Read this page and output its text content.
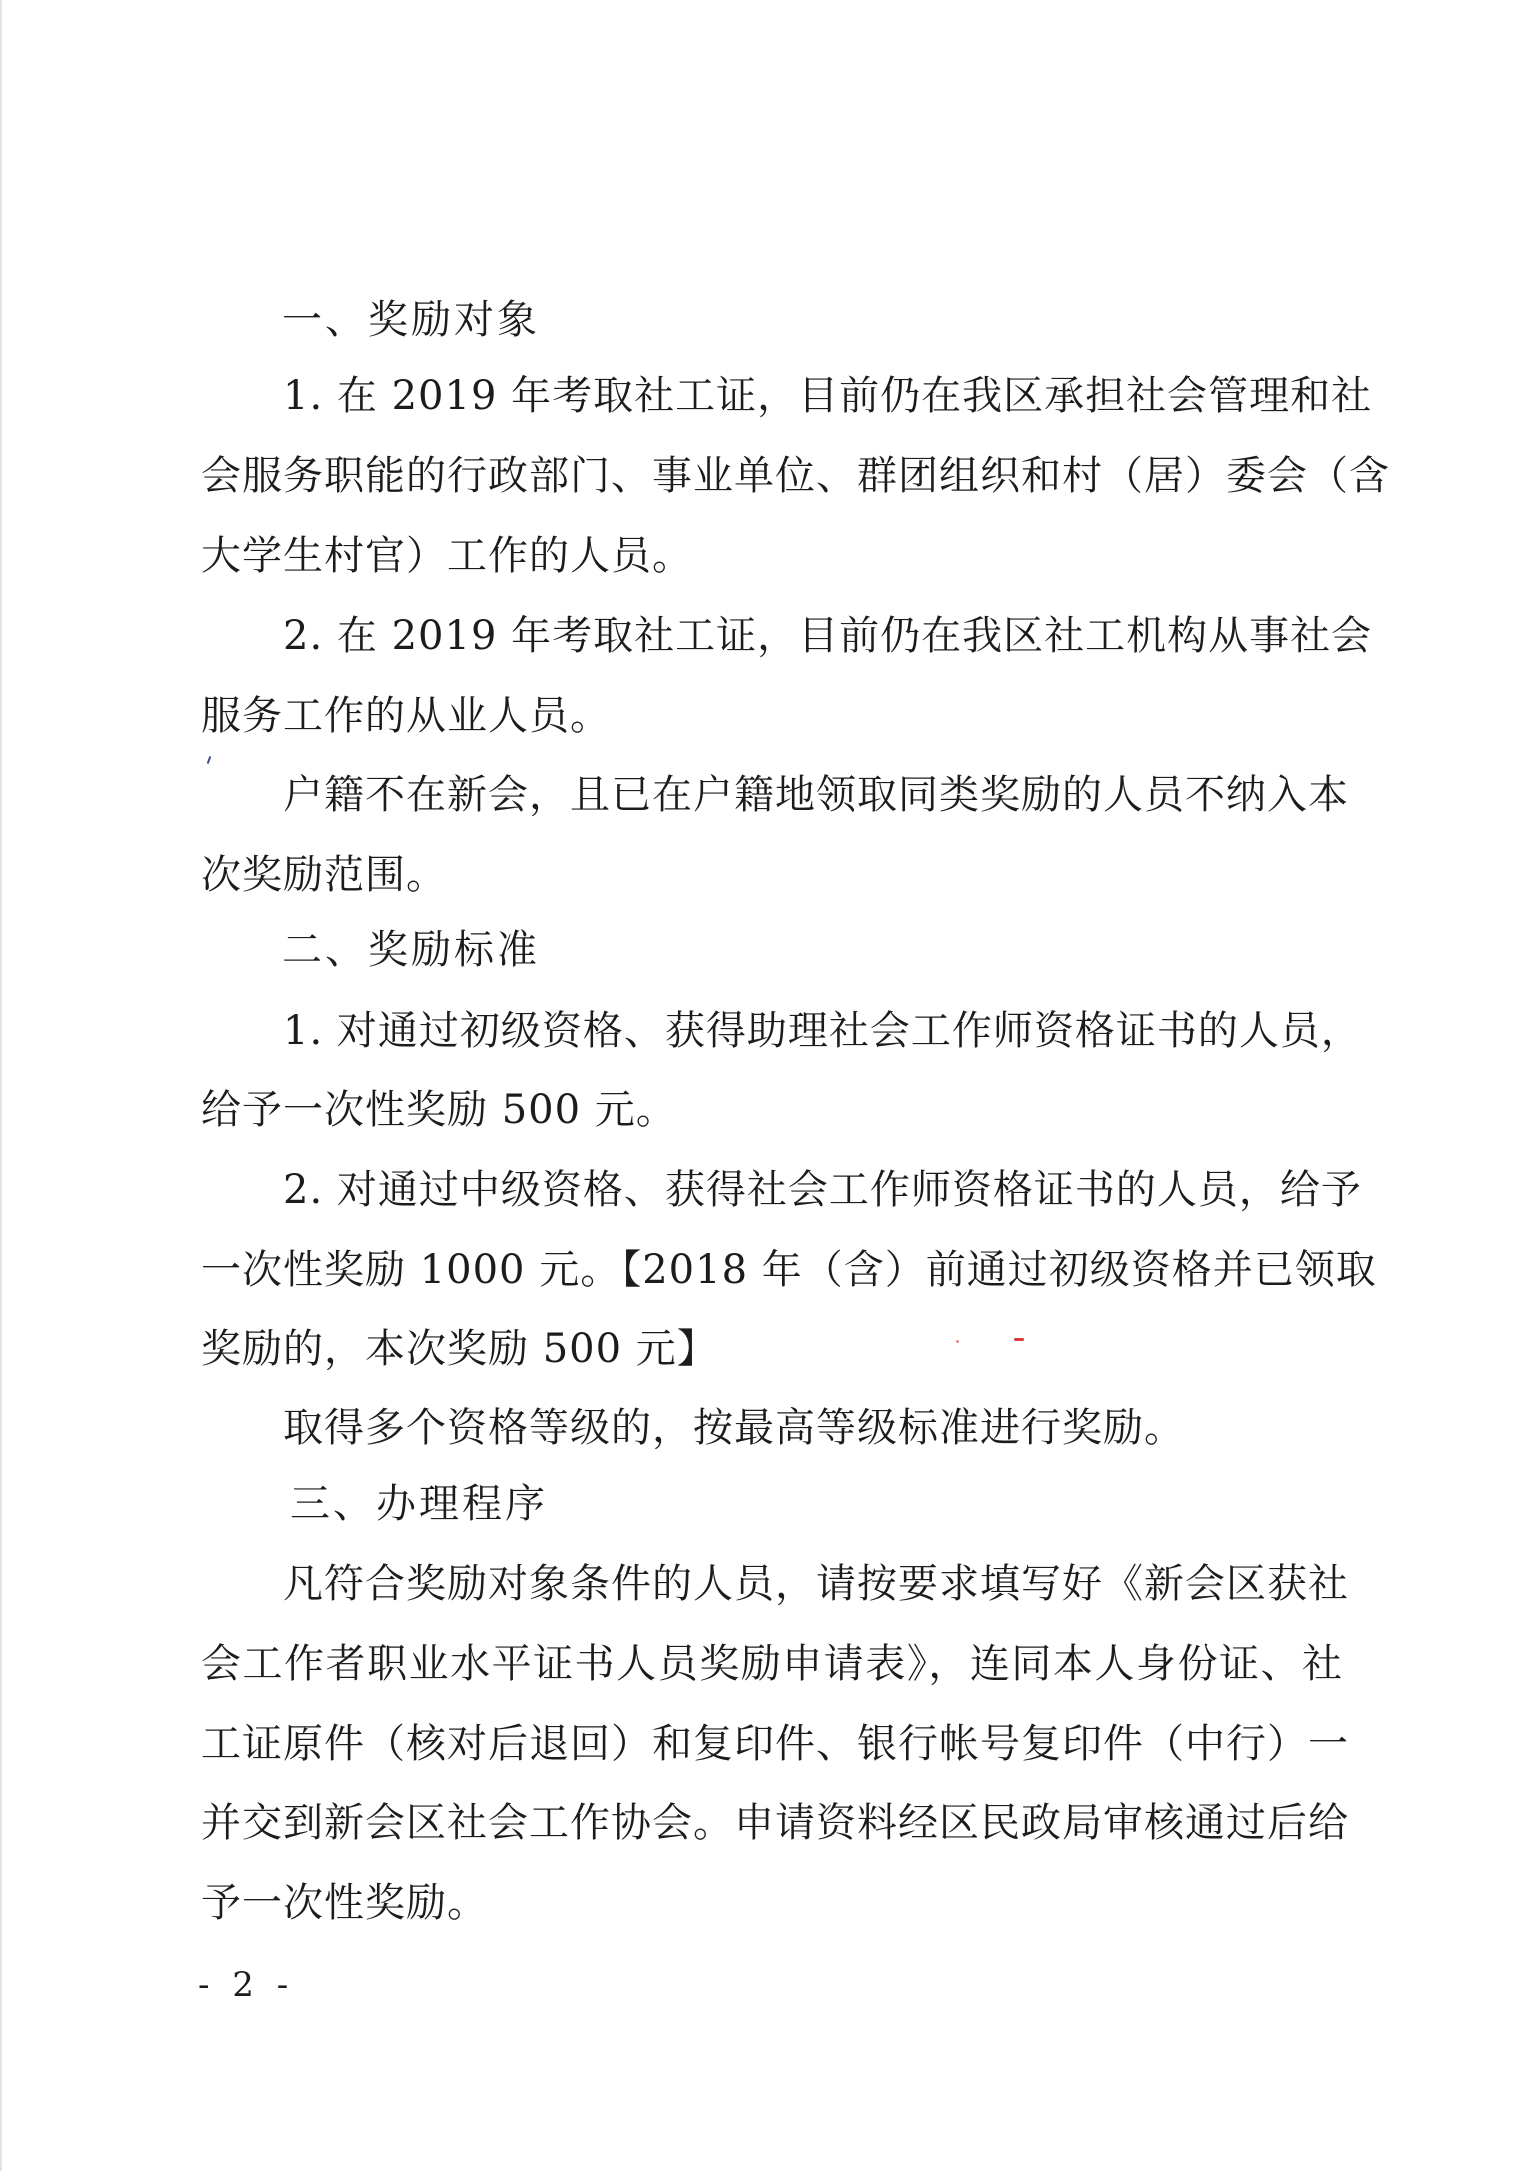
一、奖励对象
1. 在 2019 年考取社工证，目前仍在我区承担社会管理和社
会服务职能的行政部门、事业单位、群团组织和村（居）委会（含
大学生村官）工作的人员。
2. 在 2019 年考取社工证，目前仍在我区社工机构从事社会
服务工作的从业人员。
户籍不在新会，且已在户籍地领取同类奖励的人员不纳入本
次奖励范围。
二、奖励标准
1. 对通过初级资格、获得助理社会工作师资格证书的人员，
给予一次性奖励 500 元。
2. 对通过中级资格、获得社会工作师资格证书的人员，给予
一次性奖励 1000 元。【2018 年（含）前通过初级资格并已领取
奖励的，本次奖励 500 元】
取得多个资格等级的，按最高等级标准进行奖励。
三、办理程序
凡符合奖励对象条件的人员，请按要求填写好《新会区获社
会工作者职业水平证书人员奖励申请表》，连同本人身份证、社
工证原件（核对后退回）和复印件、银行帐号复印件（中行）一
并交到新会区社会工作协会。申请资料经区民政局审核通过后给
予一次性奖励。
- 2 -
